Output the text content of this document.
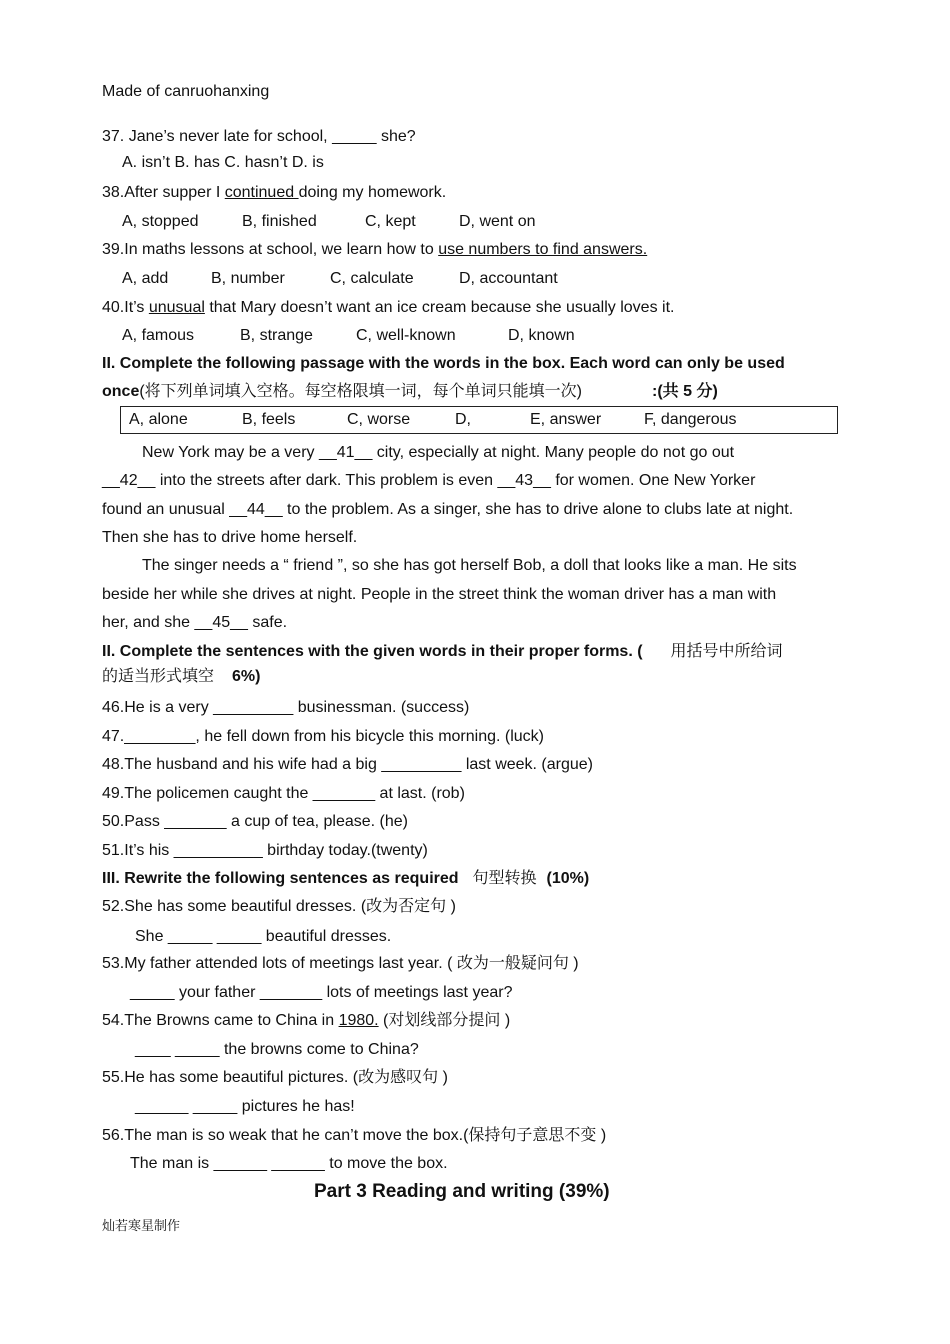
Made of canruohanxing
37. Jane’s never late for school, _____ she?
A. isn’t B. has C. hasn’t D. is
38.After supper I continued doing my homework.
A, stopped	B, finished	C, kept	D, went on
39.In maths lessons at school, we learn how to use numbers to find answers.
A, add	B, number	C, calculate	D, accountant
40.It’s unusual that Mary doesn’t want an ice cream because she usually loves it.
A, famous	B, strange	C, well-known	D, known
II. Complete the following passage with the words in the box. Each word can only be used
once(将下列单词填入空格。每空格限填一词，每个单词只能填一次)	:(共 5 分)
A, alone	B, feels	C, worse	D,	E, answer	F, dangerous
New York may be a very __41__ city, especially at night. Many people do not go out
__42__ into the streets after dark. This problem is even __43__ for women. One New Yorker
found an unusual __44__ to the problem. As a singer, she has to drive alone to clubs late at night.
Then she has to drive home herself.
The singer needs a “ friend ”, so she has got herself Bob, a doll that looks like a man. He sits
beside her while she drives at night. People in the street think the woman driver has a man with
her, and she __45__ safe.
II. Complete the sentences with the given words in their proper forms. ( 用括号中所给词
的适当形式填空 6%)
46.He is a very _________ businessman. (success)
47.________, he fell down from his bicycle this morning. (luck)
48.The husband and his wife had a big _________ last week. (argue)
49.The policemen caught the _______ at last. (rob)
50.Pass _______ a cup of tea, please. (he)
51.It’s his __________ birthday today.(twenty)
III. Rewrite the following sentences as required 句型转换 (10%)
52.She has some beautiful dresses. (改为否定句 )
She _____ _____ beautiful dresses.
53.My father attended lots of meetings last year. ( 改为一般疑问句 )
_____ your father _______ lots of meetings last year?
54.The Browns came to China in 1980. (对划线部分提问 )
____ _____ the browns come to China?
55.He has some beautiful pictures. (改为感叹句 )
______ _____ pictures he has!
56.The man is so weak that he can’t move the box.(保持句子意思不变 )
The man is ______ ______ to move the box.
Part 3 Reading and writing (39%)
灿若寒星制作
